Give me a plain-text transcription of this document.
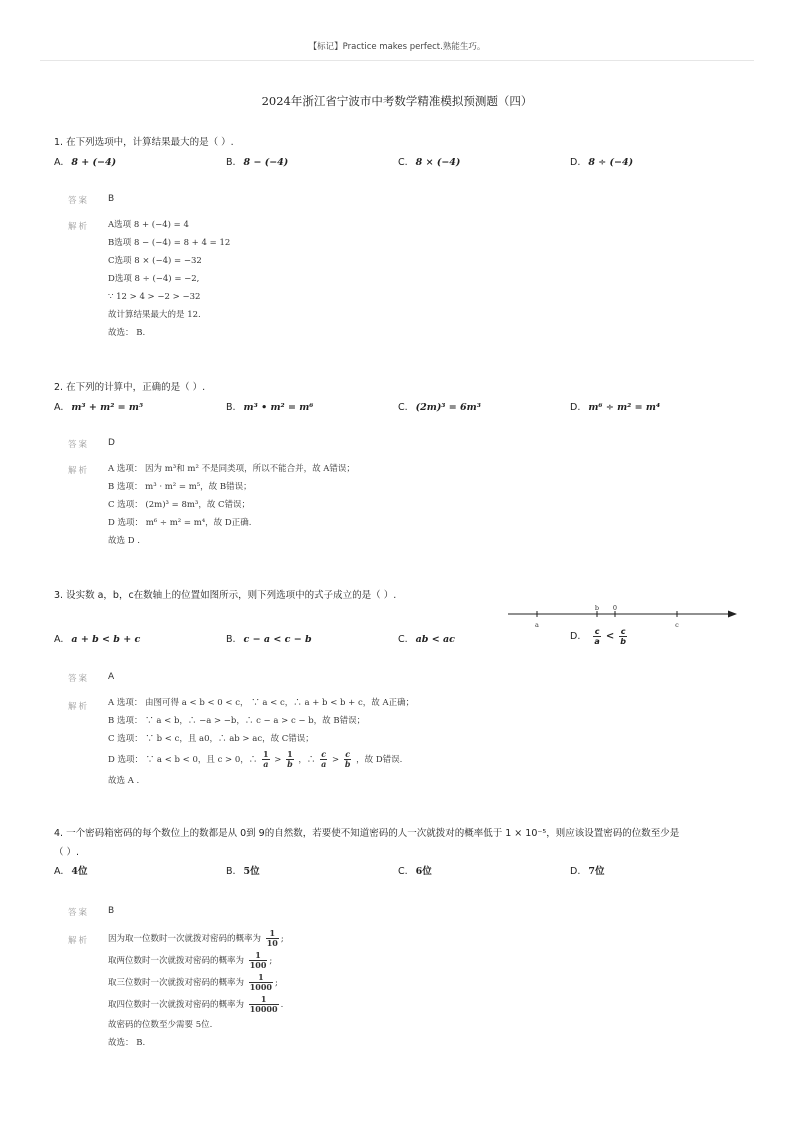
【标记】Practice makes perfect.熟能生巧。
2024年浙江省宁波市中考数学精准模拟预测题（四）
1. 在下列选项中，计算结果最大的是（ ）.
A. 8 + (−4)	B. 8 − (−4)	C. 8 × (−4)	D. 8 ÷ (−4)
答案 B
解析 A选项 8 + (−4) = 4
B选项 8 − (−4) = 8 + 4 = 12
C选项 8 × (−4) = −32
D选项 8 ÷ (−4) = −2,
∵ 12 > 4 > −2 > −32
故计算结果最大的是 12.
故选： B.
2. 在下列的计算中，正确的是（ ）.
A. m³ + m² = m⁵	B. m³ • m² = m⁶	C. (2m)³ = 6m³	D. m⁶ ÷ m² = m⁴
答案 D
解析 A 选项： 因为 m³和 m² 不是同类项，所以不能合并，故 A错误；
B 选项： m³ · m² = m⁵，故 B错误；
C 选项： (2m)³ = 8m³，故 C错误；
D 选项： m⁶ ÷ m² = m⁴，故 D正确.
故选 D .
3. 设实数 a，b，c在数轴上的位置如图所示，则下列选项中的式子成立的是（ ）.
a
b 0
c
A. a + b < b + c	B. c − a < c − b	C. ab < ac	D. $\frac{c}{a} < \frac{c}{b}$
答案 A
解析 A 选项： 由图可得 a < b < 0 < c， ∵ a < c，∴ a + b < b + c，故 A正确；
B 选项： ∵ a < b，∴ −a > −b，∴ c − a > c − b，故 B错误；
C 选项： ∵ b < c，且 a0，∴ ab > ac，故 C错误；
D 选项： ∵ a < b < 0，且 c > 0，∴ $\frac{1}{a} > \frac{1}{b}$ ，∴ $\frac{c}{a} > \frac{c}{b}$ ，故 D错误.
故选 A .
4. 一个密码箱密码的每个数位上的数都是从 0到 9的自然数，若要使不知道密码的人一次就拨对的概率低于 1 × 10⁻⁵，则应该设置密码的位数至少是
（ ）.
A. 4位	B. 5位	C. 6位	D. 7位
答案 B
解析 因为取一位数时一次就拨对密码的概率为 $\frac{1}{10}$ ;
取两位数时一次就拨对密码的概率为 $\frac{1}{100}$ ;
取三位数时一次就拨对密码的概率为 $\frac{1}{1000}$ ;
取四位数时一次就拨对密码的概率为 $\frac{1}{10000}$ .
故密码的位数至少需要 5位.
故选： B.
